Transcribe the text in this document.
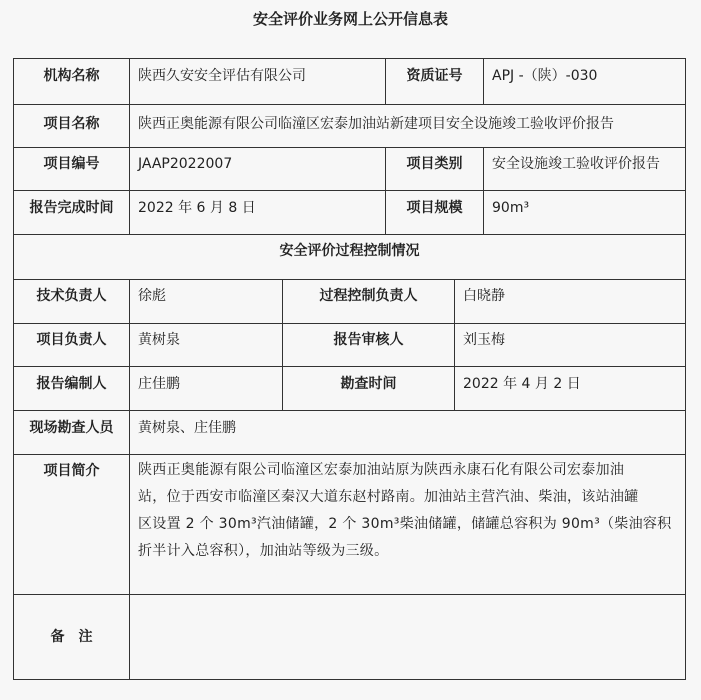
安全评价业务网上公开信息表
机构名称	陕西久安安全评估有限公司	资质证号	APJ -（陕）-030
项目名称	陕西正奥能源有限公司临潼区宏泰加油站新建项目安全设施竣工验收评价报告
项目编号	JAAP2022007	项目类别	安全设施竣工验收评价报告
报告完成时间	2022 年 6 月 8 日	项目规模	90m³
安全评价过程控制情况
技术负责人	徐彪	过程控制负责人	白晓静
项目负责人	黄树泉	报告审核人	刘玉梅
报告编制人	庄佳鹏	勘查时间	2022 年 4 月 2 日
现场勘查人员	黄树泉、庄佳鹏
项目简介	陕西正奥能源有限公司临潼区宏泰加油站原为陕西永康石化有限公司宏泰加油
站，位于西安市临潼区秦汉大道东赵村路南。加油站主营汽油、柴油，该站油罐
区设置 2 个 30m³汽油储罐，2 个 30m³柴油储罐，储罐总容积为 90m³（柴油容积
折半计入总容积），加油站等级为三级。
备　注
